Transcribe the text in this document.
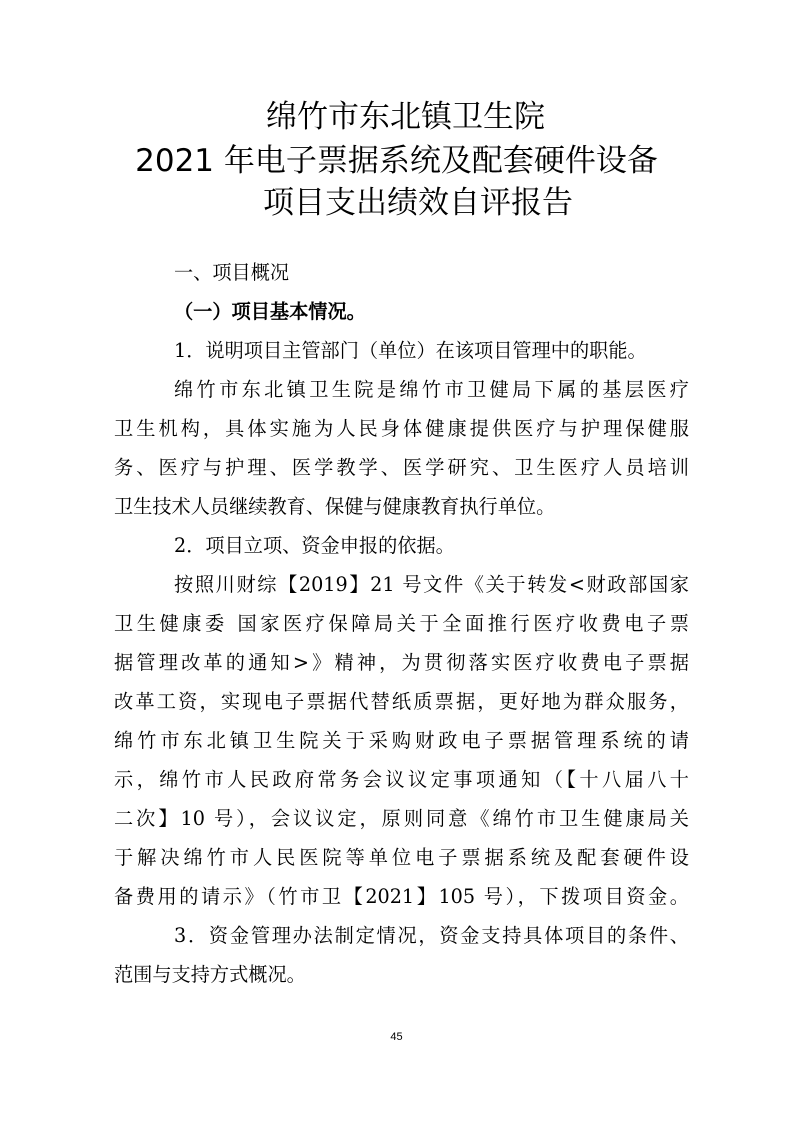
绵竹市东北镇卫生院
2021 年电子票据系统及配套硬件设备
项目支出绩效自评报告
一、项目概况
（一）项目基本情况。
1．说明项目主管部门（单位）在该项目管理中的职能。
绵竹市东北镇卫生院是绵竹市卫健局下属的基层医疗
卫生机构，具体实施为人民身体健康提供医疗与护理保健服
务、医疗与护理、医学教学、医学研究、卫生医疗人员培训
卫生技术人员继续教育、保健与健康教育执行单位。
2．项目立项、资金申报的依据。
按照川财综【2019】21 号文件《关于转发<财政部国家
卫生健康委 国家医疗保障局关于全面推行医疗收费电子票
据管理改革的通知>》精神，为贯彻落实医疗收费电子票据
改革工资，实现电子票据代替纸质票据，更好地为群众服务，
绵竹市东北镇卫生院关于采购财政电子票据管理系统的请
示，绵竹市人民政府常务会议议定事项通知（【十八届八十
二次】10 号），会议议定，原则同意《绵竹市卫生健康局关
于解决绵竹市人民医院等单位电子票据系统及配套硬件设
备费用的请示》（竹市卫【2021】105 号），下拨项目资金。
3．资金管理办法制定情况，资金支持具体项目的条件、
范围与支持方式概况。
45
